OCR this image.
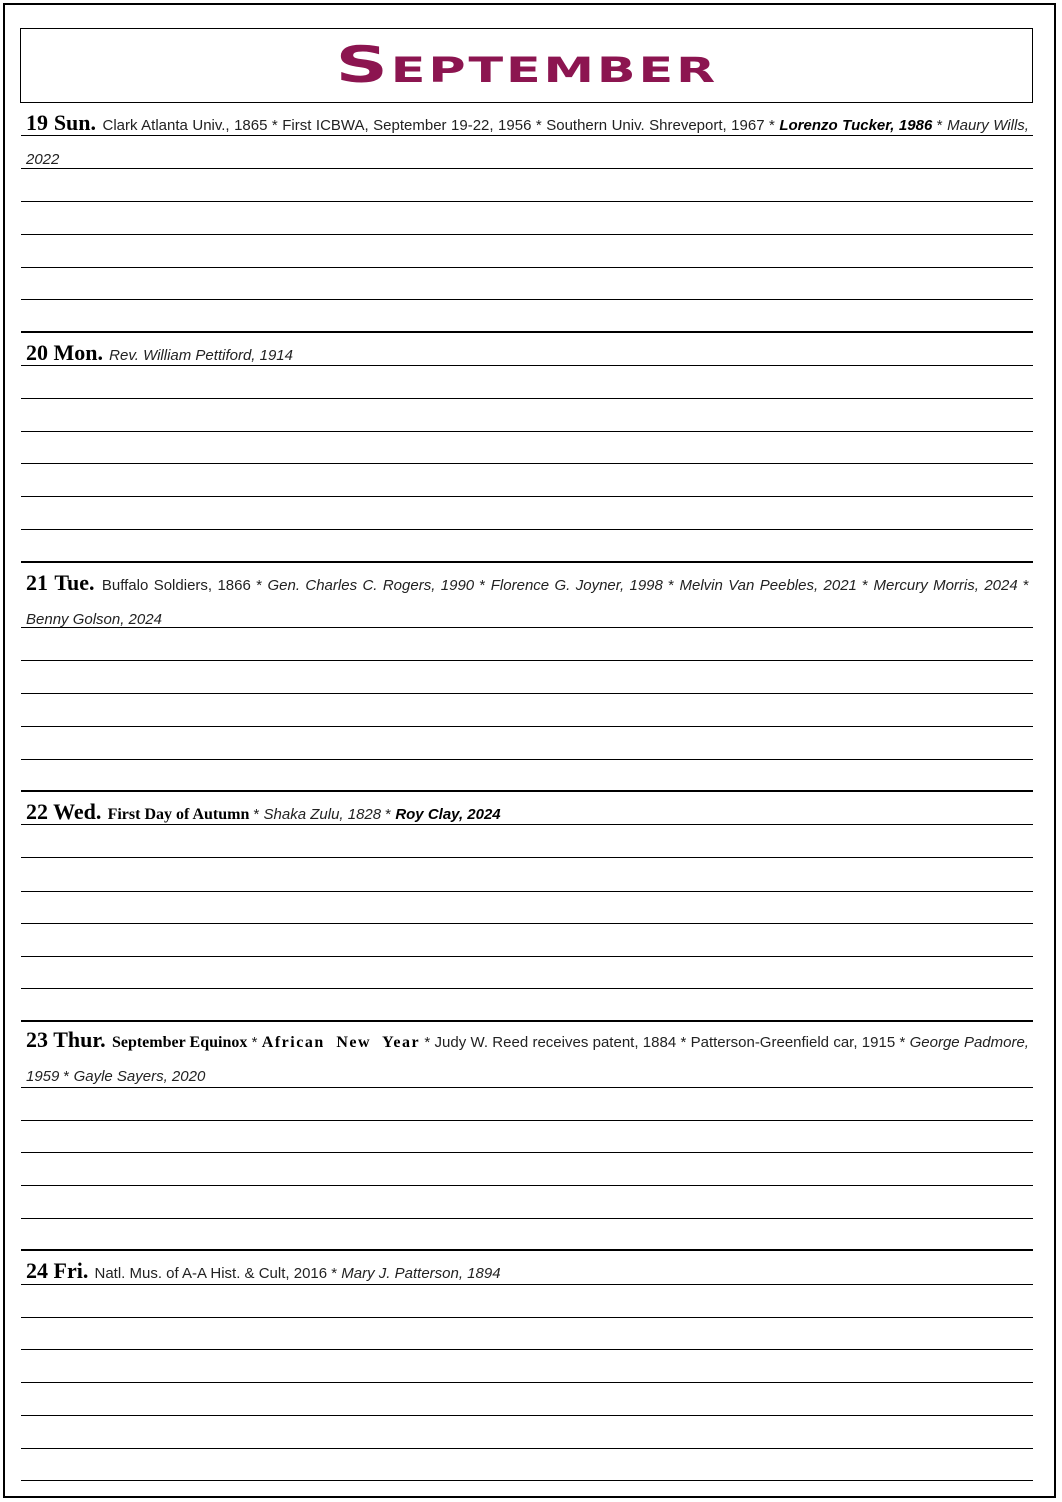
September
19 Sun. Clark Atlanta Univ., 1865 * First ICBWA, September 19-22, 1956 * Southern Univ. Shreveport, 1967 * Lorenzo Tucker, 1986 * Maury Wills, 2022
20 Mon. Rev. William Pettiford, 1914
21 Tue. Buffalo Soldiers, 1866 * Gen. Charles C. Rogers, 1990 * Florence G. Joyner, 1998 * Melvin Van Peebles, 2021 * Mercury Morris, 2024 * Benny Golson, 2024
22 Wed. First Day of Autumn * Shaka Zulu, 1828 * Roy Clay, 2024
23 Thur. September Equinox * African New Year * Judy W. Reed receives patent, 1884 * Patterson-Greenfield car, 1915 * George Padmore, 1959 * Gayle Sayers, 2020
24 Fri. Natl. Mus. of A-A Hist. & Cult, 2016 * Mary J. Patterson, 1894
